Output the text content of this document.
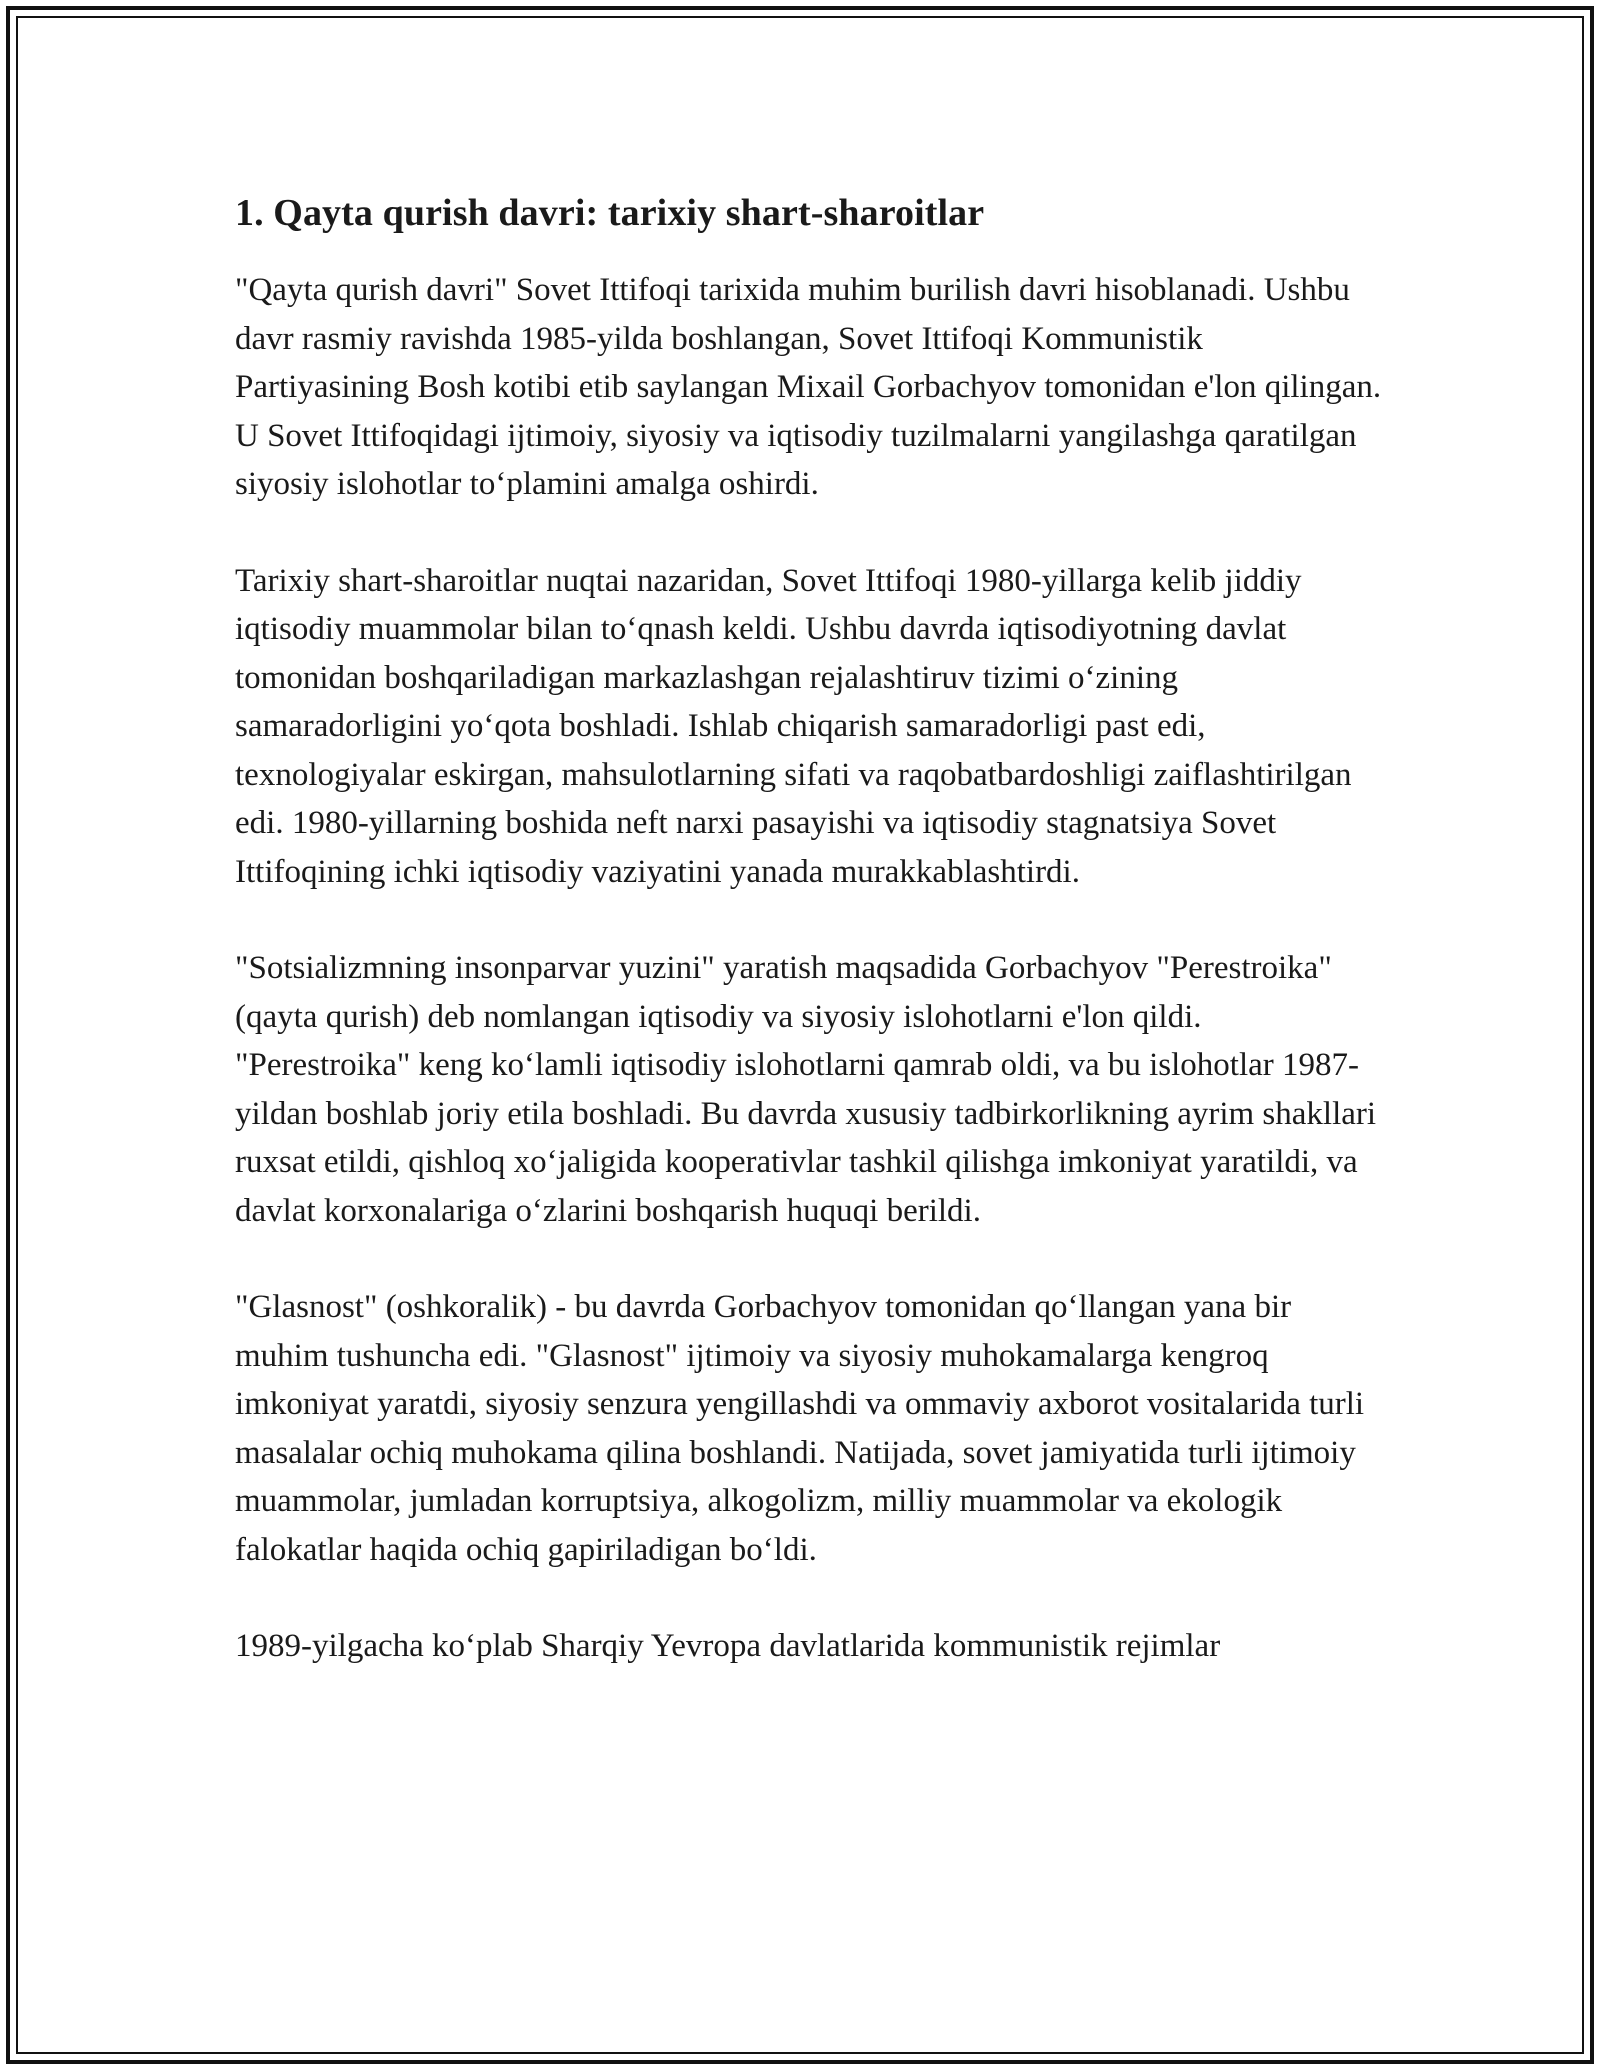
1. Qayta qurish davri: tarixiy shart-sharoitlar

"Qayta qurish davri" Sovet Ittifoqi tarixida muhim burilish davri hisoblanadi. Ushbu davr rasmiy ravishda 1985-yilda boshlangan, Sovet Ittifoqi Kommunistik Partiyasining Bosh kotibi etib saylangan Mixail Gorbachyov tomonidan e'lon qilingan. U Sovet Ittifoqidagi ijtimoiy, siyosiy va iqtisodiy tuzilmalarni yangilashga qaratilgan siyosiy islohotlar to‘plamini amalga oshirdi.

Tarixiy shart-sharoitlar nuqtai nazaridan, Sovet Ittifoqi 1980-yillarga kelib jiddiy iqtisodiy muammolar bilan to‘qnash keldi. Ushbu davrda iqtisodiyotning davlat tomonidan boshqariladigan markazlashgan rejalashtiruv tizimi o‘zining samaradorligini yo‘qota boshladi. Ishlab chiqarish samaradorligi past edi, texnologiyalar eskirgan, mahsulotlarning sifati va raqobatbardoshligi zaiflashtirilgan edi. 1980-yillarning boshida neft narxi pasayishi va iqtisodiy stagnatsiya Sovet Ittifoqining ichki iqtisodiy vaziyatini yanada murakkablashtirdi.

"Sotsializmning insonparvar yuzini" yaratish maqsadida Gorbachyov "Perestroika" (qayta qurish) deb nomlangan iqtisodiy va siyosiy islohotlarni e'lon qildi. "Perestroika" keng ko‘lamli iqtisodiy islohotlarni qamrab oldi, va bu islohotlar 1987-yildan boshlab joriy etila boshladi. Bu davrda xususiy tadbirkorlikning ayrim shakllari ruxsat etildi, qishloq xo‘jaligida kooperativlar tashkil qilishga imkoniyat yaratildi, va davlat korxonalariga o‘zlarini boshqarish huquqi berildi.

"Glasnost" (oshkoralik) - bu davrda Gorbachyov tomonidan qo‘llangan yana bir muhim tushuncha edi. "Glasnost" ijtimoiy va siyosiy muhokamalarga kengroq imkoniyat yaratdi, siyosiy senzura yengillashdi va ommaviy axborot vositalarida turli masalalar ochiq muhokama qilina boshlandi. Natijada, sovet jamiyatida turli ijtimoiy muammolar, jumladan korruptsiya, alkogolizm, milliy muammolar va ekologik falokatlar haqida ochiq gapiriladigan bo‘ldi.

1989-yilgacha ko‘plab Sharqiy Yevropa davlatlarida kommunistik rejimlar
